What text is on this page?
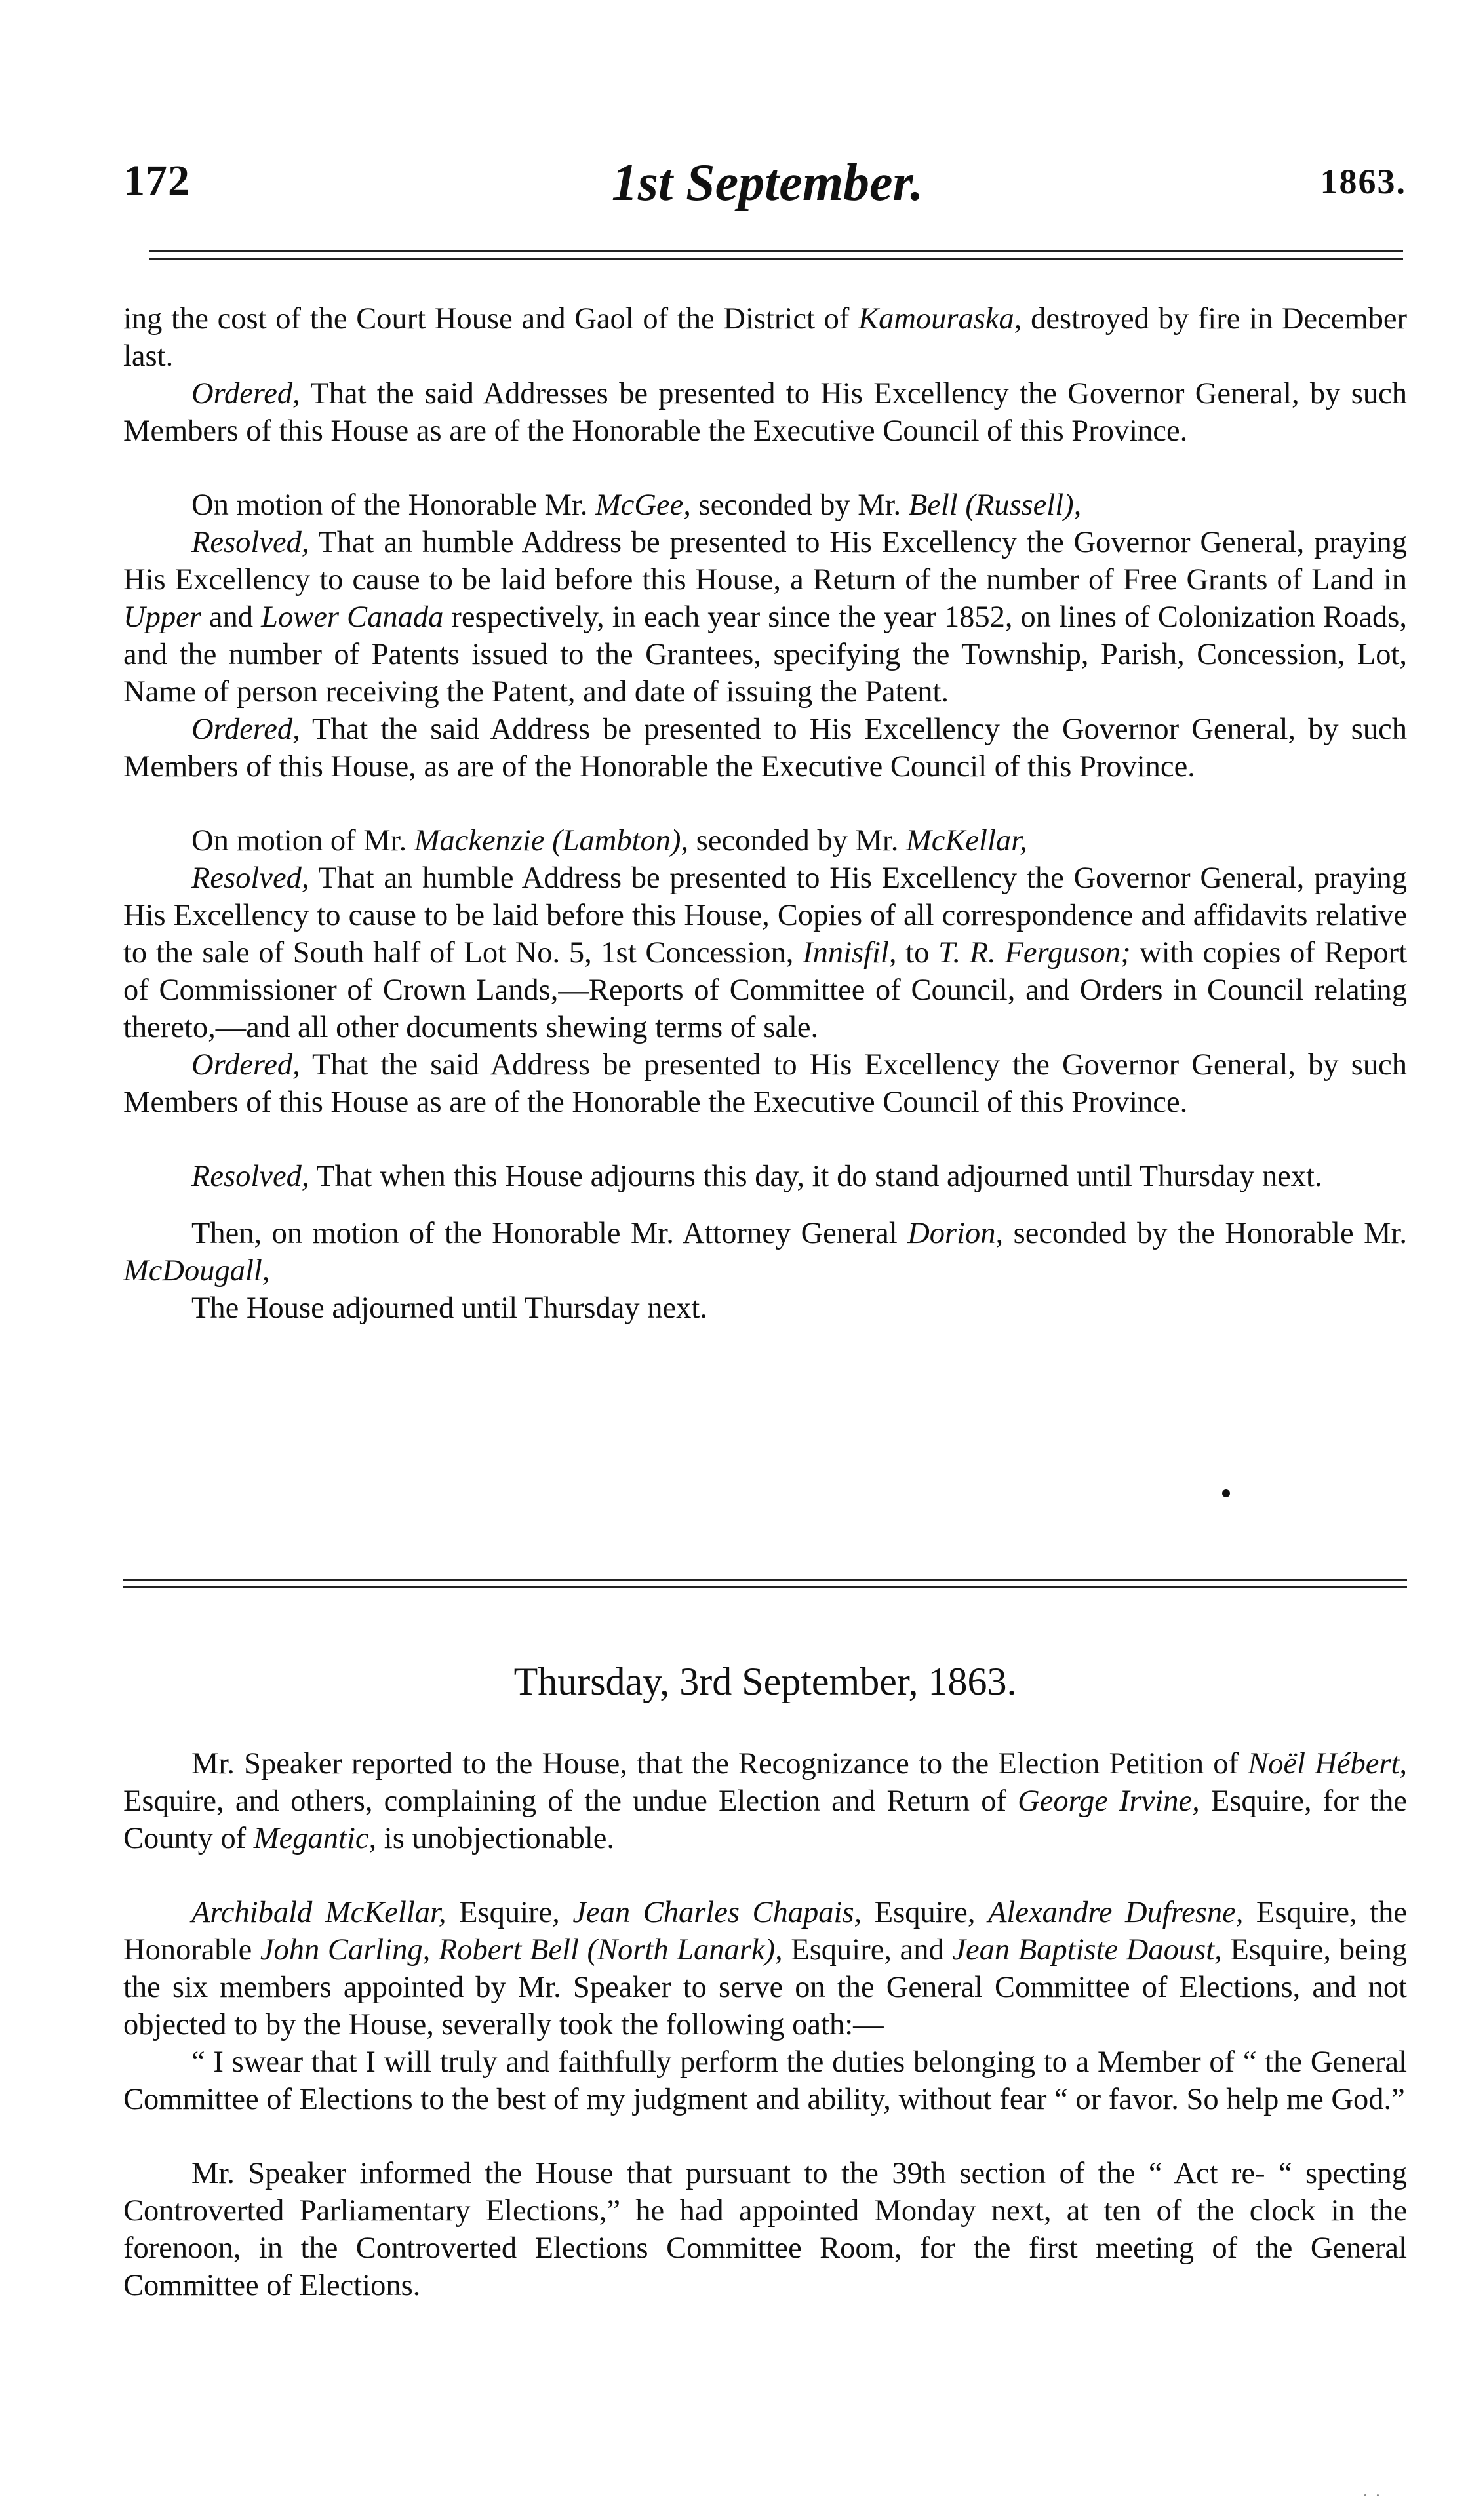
172	1st September.	1863.

ing the cost of the Court House and Gaol of the District of Kamouraska, destroyed by fire in December last.

Ordered, That the said Addresses be presented to His Excellency the Governor General, by such Members of this House as are of the Honorable the Executive Council of this Province.

On motion of the Honorable Mr. McGee, seconded by Mr. Bell (Russell),

Resolved, That an humble Address be presented to His Excellency the Governor General, praying His Excellency to cause to be laid before this House, a Return of the number of Free Grants of Land in Upper and Lower Canada respectively, in each year since the year 1852, on lines of Colonization Roads, and the number of Patents issued to the Grantees, specifying the Township, Parish, Concession, Lot, Name of person receiving the Patent, and date of issuing the Patent.

Ordered, That the said Address be presented to His Excellency the Governor General, by such Members of this House, as are of the Honorable the Executive Council of this Province.

On motion of Mr. Mackenzie (Lambton), seconded by Mr. McKellar,

Resolved, That an humble Address be presented to His Excellency the Governor General, praying His Excellency to cause to be laid before this House, Copies of all correspondence and affidavits relative to the sale of South half of Lot No. 5, 1st Concession, Innisfil, to T. R. Ferguson; with copies of Report of Commissioner of Crown Lands,—Reports of Committee of Council, and Orders in Council relating thereto,—and all other documents shewing terms of sale.

Ordered, That the said Address be presented to His Excellency the Governor General, by such Members of this House as are of the Honorable the Executive Council of this Province.

Resolved, That when this House adjourns this day, it do stand adjourned until Thursday next.

Then, on motion of the Honorable Mr. Attorney General Dorion, seconded by the Honorable Mr. McDougall,

The House adjourned until Thursday next.

Thursday, 3rd September, 1863.

Mr. Speaker reported to the House, that the Recognizance to the Election Petition of Noël Hébert, Esquire, and others, complaining of the undue Election and Return of George Irvine, Esquire, for the County of Megantic, is unobjectionable.

Archibald McKellar, Esquire, Jean Charles Chapais, Esquire, Alexandre Dufresne, Esquire, the Honorable John Carling, Robert Bell (North Lanark), Esquire, and Jean Baptiste Daoust, Esquire, being the six members appointed by Mr. Speaker to serve on the General Committee of Elections, and not objected to by the House, severally took the following oath:—

“ I swear that I will truly and faithfully perform the duties belonging to a Member of “ the General Committee of Elections to the best of my judgment and ability, without fear “ or favor. So help me God.”

Mr. Speaker informed the House that pursuant to the 39th section of the “ Act re- “ specting Controverted Parliamentary Elections,” he had appointed Monday next, at ten of the clock in the forenoon, in the Controverted Elections Committee Room, for the first meeting of the General Committee of Elections.

· ·
